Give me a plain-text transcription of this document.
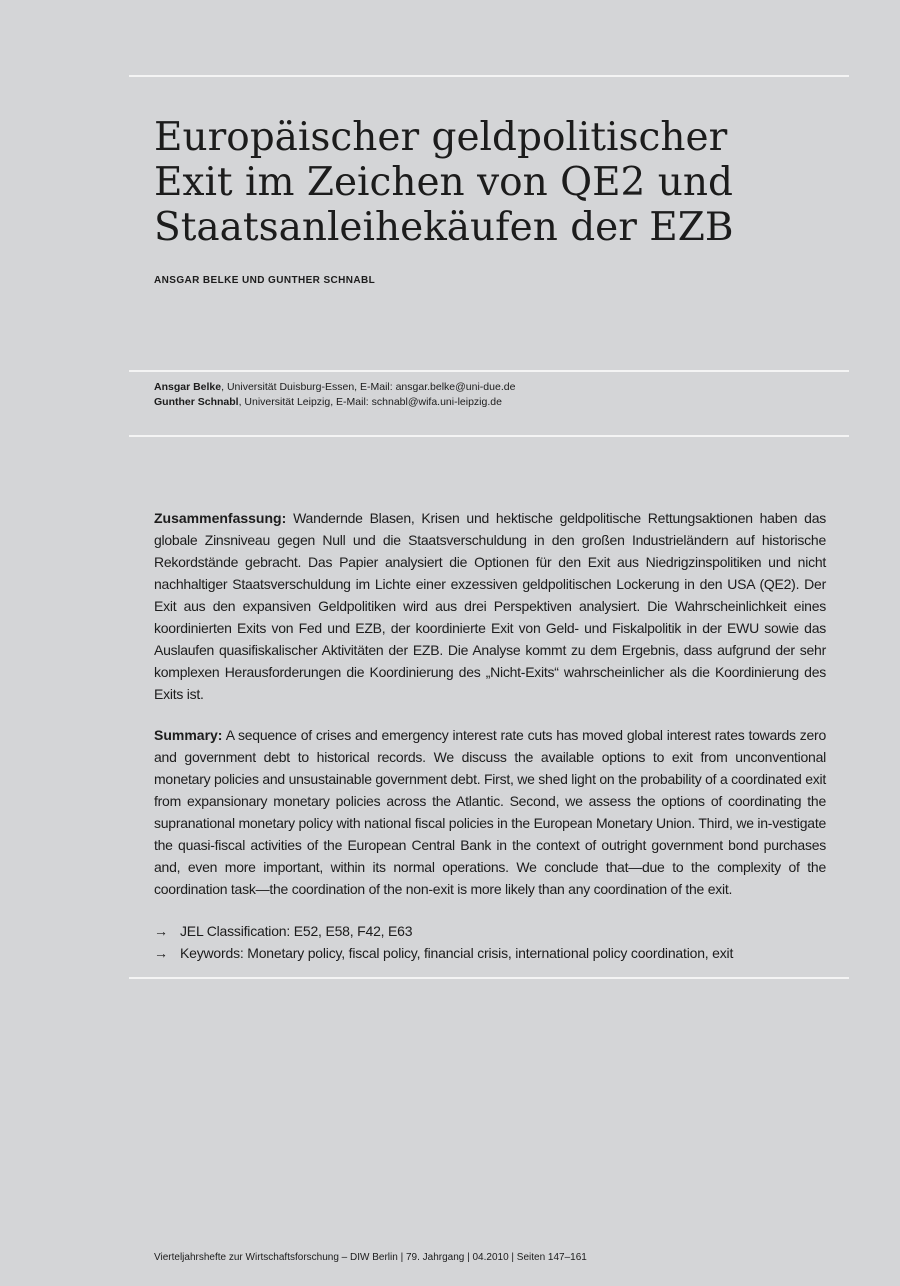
Europäischer geldpolitischer
Exit im Zeichen von QE2 und
Staatsanleihekäufen der EZB
ANSGAR BELKE UND GUNTHER SCHNABL
Ansgar Belke, Universität Duisburg-Essen, E-Mail: ansgar.belke@uni-due.de
Gunther Schnabl, Universität Leipzig, E-Mail: schnabl@wifa.uni-leipzig.de

Zusammenfassung: Wandernde Blasen, Krisen und hektische geldpolitische Rettungsaktionen haben das globale Zinsniveau gegen Null und die Staatsverschuldung in den großen Industrieländern auf historische Rekordstände gebracht. Das Papier analysiert die Optionen für den Exit aus Niedrigzinspolitiken und nicht nachhaltiger Staatsverschuldung im Lichte einer exzessiven geldpolitischen Lockerung in den USA (QE2). Der Exit aus den expansiven Geldpolitiken wird aus drei Perspektiven analysiert. Die Wahrscheinlichkeit eines koordinierten Exits von Fed und EZB, der koordinierte Exit von Geld- und Fiskalpolitik in der EWU sowie das Auslaufen quasifiskalischer Aktivitäten der EZB. Die Analyse kommt zu dem Ergebnis, dass aufgrund der sehr komplexen Herausforderungen die Koordinierung des „Nicht-Exits“ wahrscheinlicher als die Koordinierung des Exits ist.

Summary: A sequence of crises and emergency interest rate cuts has moved global interest rates towards zero and government debt to historical records. We discuss the available options to exit from unconventional monetary policies and unsustainable government debt. First, we shed light on the probability of a coordinated exit from expansionary monetary policies across the Atlantic. Second, we assess the options of coordinating the supranational monetary policy with national fiscal policies in the European Monetary Union. Third, we in-vestigate the quasi-fiscal activities of the European Central Bank in the context of outright government bond purchases and, even more important, within its normal operations. We conclude that—due to the complexity of the coordination task—the coordination of the non-exit is more likely than any coordination of the exit.

→ JEL Classification: E52, E58, F42, E63
→ Keywords: Monetary policy, fiscal policy, financial crisis, international policy coordination, exit
Vierteljahrshefte zur Wirtschaftsforschung – DIW Berlin | 79. Jahrgang | 04.2010 | Seiten 147–161
